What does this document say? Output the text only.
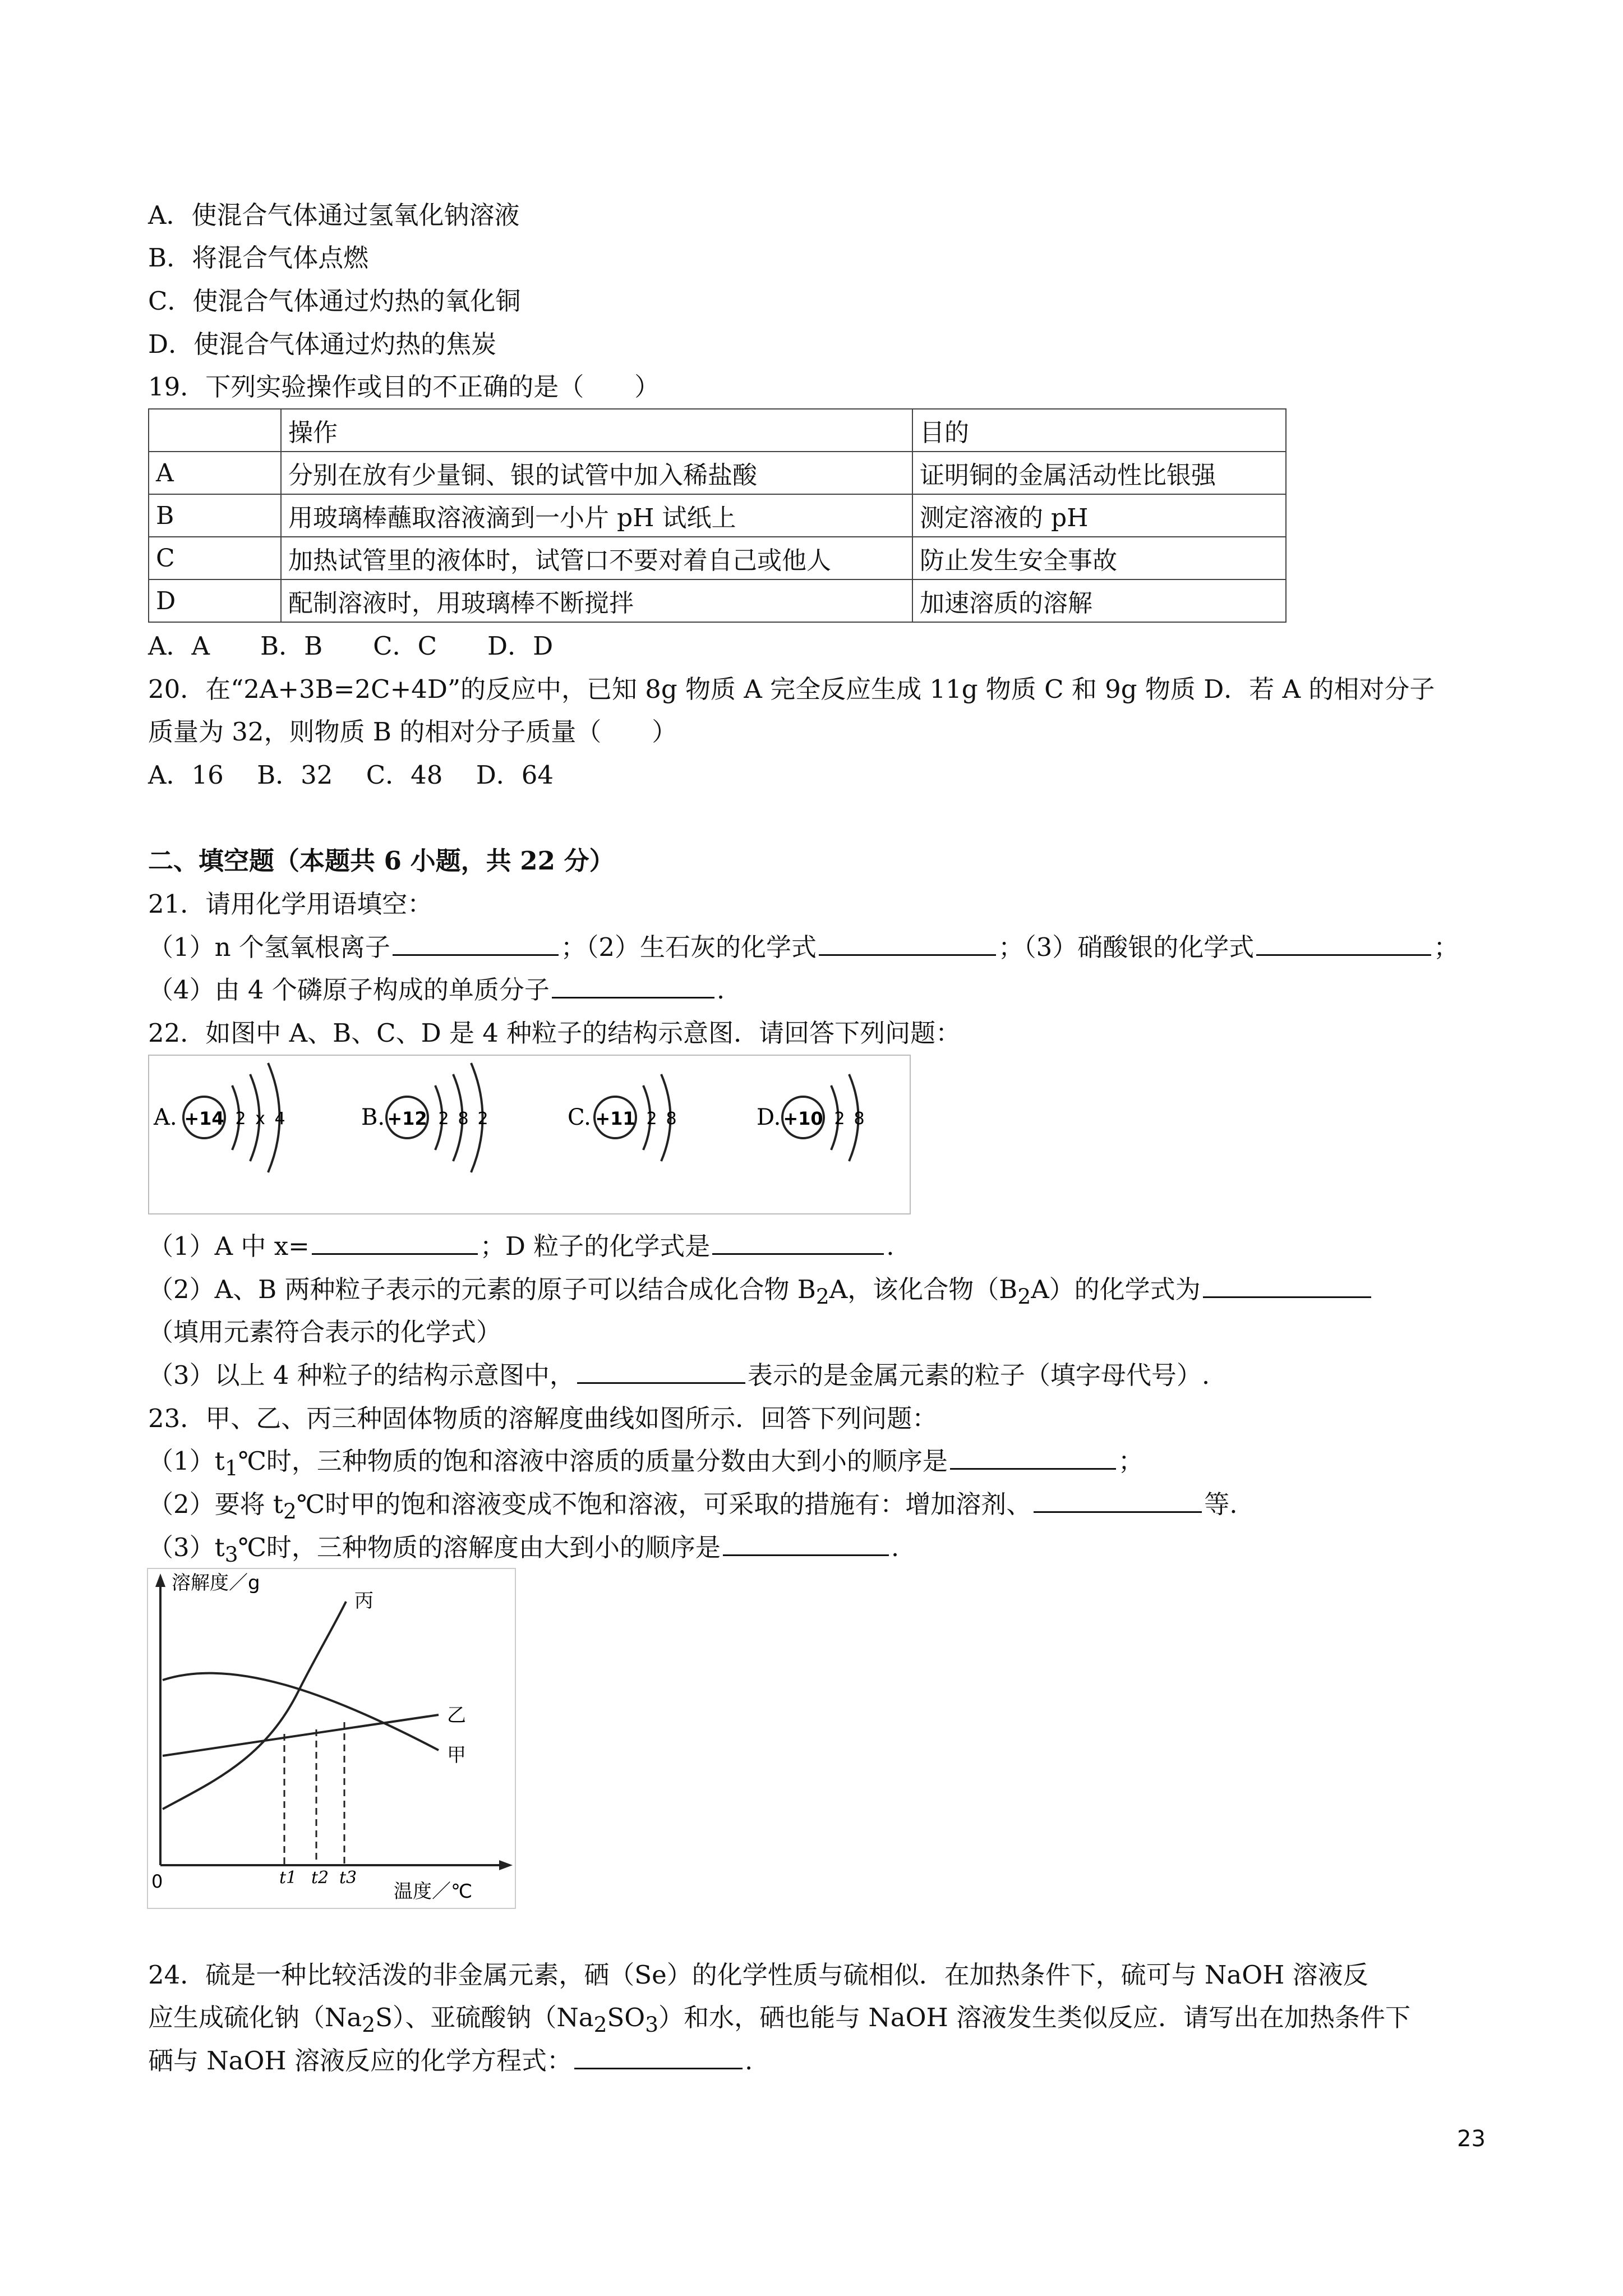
A．使混合气体通过氢氧化钠溶液
B．将混合气体点燃
C．使混合气体通过灼热的氧化铜
D．使混合气体通过灼热的焦炭
19．下列实验操作或目的不正确的是（　　）
	操作	目的
A	分别在放有少量铜、银的试管中加入稀盐酸	证明铜的金属活动性比银强
B	用玻璃棒蘸取溶液滴到一小片 pH 试纸上	测定溶液的 pH
C	加热试管里的液体时，试管口不要对着自己或他人	防止发生安全事故
D	配制溶液时，用玻璃棒不断搅拌	加速溶质的溶解
A．A　　B．B　　C．C　　D．D
20．在“2A+3B=2C+4D”的反应中，已知 8g 物质 A 完全反应生成 11g 物质 C 和 9g 物质 D．若 A 的相对分子
质量为 32，则物质 B 的相对分子质量（　　）
A．16　 B．32　 C．48　 D．64
二、填空题（本题共 6 小题，共 22 分）
21．请用化学用语填空：
（1）n 个氢氧根离子	；（2）生石灰的化学式	；（3）硝酸银的化学式	；
（4）由 4 个磷原子构成的单质分子	.
22．如图中 A、B、C、D 是 4 种粒子的结构示意图．请回答下列问题：
A. +14 2 x 4	B. +12 2 8 2	C. +11 2 8	D. +10 2 8
（1）A 中 x=	；D 粒子的化学式是	.
（2）A、B 两种粒子表示的元素的原子可以结合成化合物 $B_2A$，该化合物$(B_2A)$的化学式为
（填用元素符合表示的化学式）
（3）以上 4 种粒子的结构示意图中，	表示的是金属元素的粒子（填字母代号）.
23．甲、乙、丙三种固体物质的溶解度曲线如图所示．回答下列问题：
$(1)t_1℃$时，三种物质的饱和溶液中溶质的质量分数由大到小的顺序是	；
（2）要将 $t_2℃$时甲的饱和溶液变成不饱和溶液，可采取的措施有：增加溶剂、	等.
$(3)t_3℃$时，三种物质的溶解度由大到小的顺序是	.
溶解度／g
温度／℃
0
丙
乙
甲
t1 t2 t3
24．硫是一种比较活泼的非金属元素，硒（Se）的化学性质与硫相似．在加热条件下，硫可与 NaOH 溶液反
应生成硫化钠$(Na_2S)$、亚硫酸钠$(Na_2SO_3)$和水，硒也能与 NaOH 溶液发生类似反应．请写出在加热条件下
硒与 NaOH 溶液反应的化学方程式：	.
23
